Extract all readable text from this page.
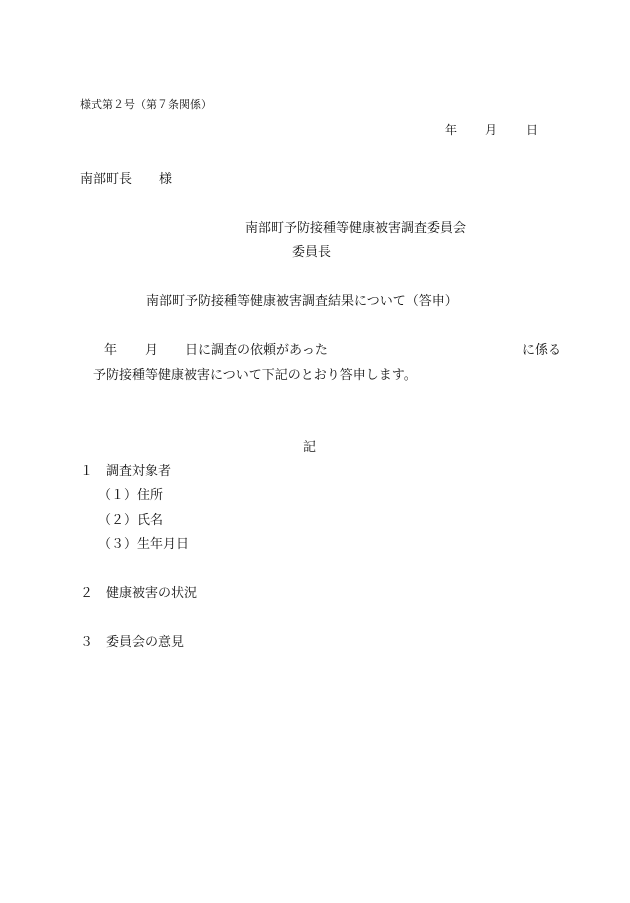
様式第２号（第７条関係）
年 月 日
南部町長 様
南部町予防接種等健康被害調査委員会
委員長
南部町予防接種等健康被害調査結果について（答申）
年 月 日に調査の依頼があった	に係る
予防接種等健康被害について下記のとおり答申します。
記
１　調査対象者
（１）住所
（２）氏名
（３）生年月日
２　健康被害の状況
３　委員会の意見
